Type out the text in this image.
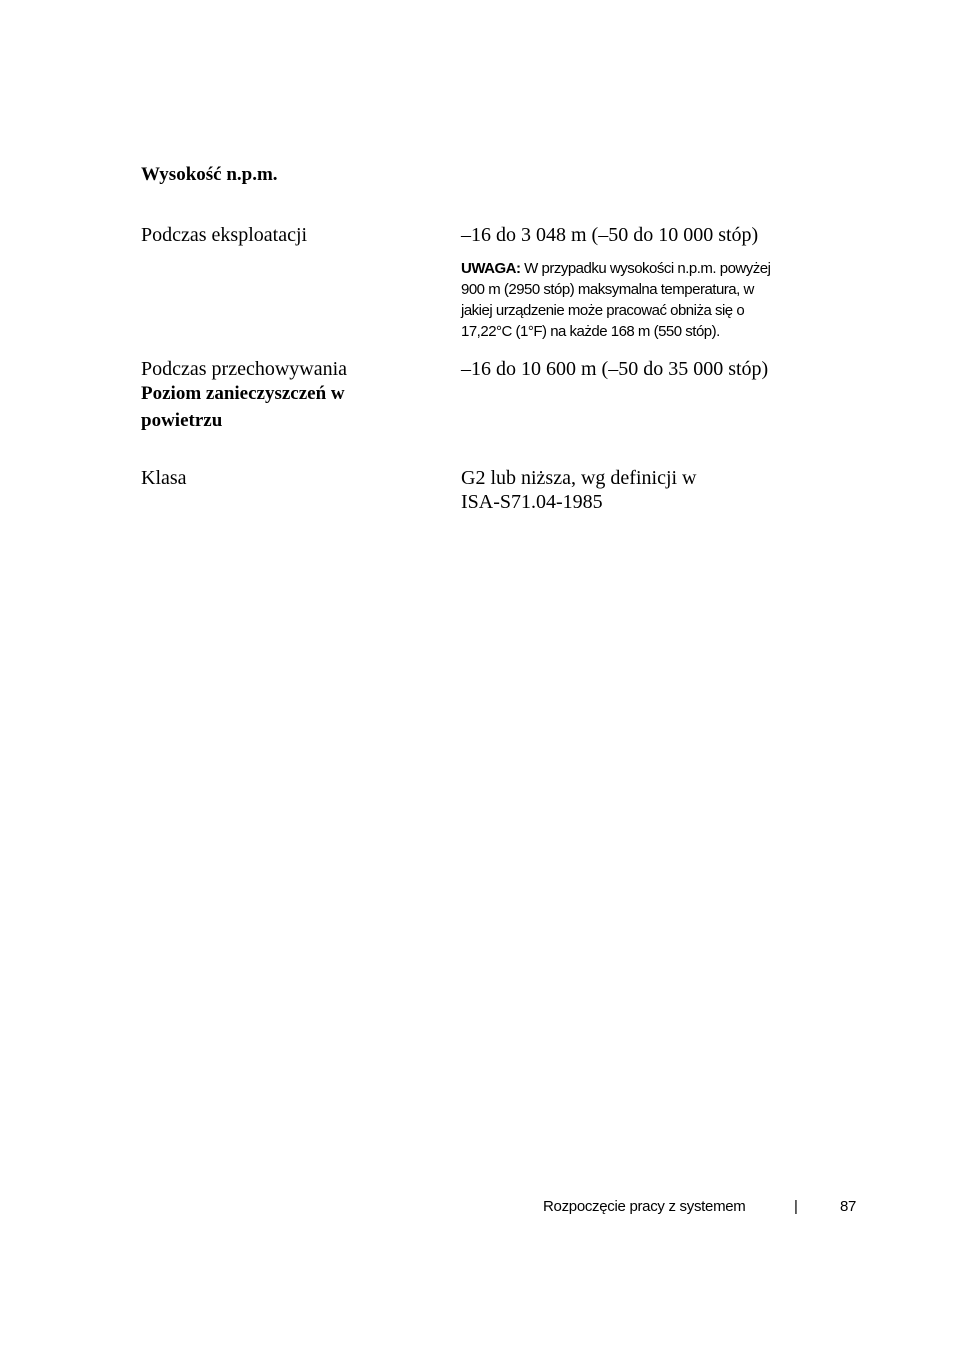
Wysokość n.p.m.
Podczas eksploatacji	–16 do 3 048 m (–50 do 10 000 stóp)
UWAGA: W przypadku wysokości n.p.m. powyżej
900 m (2950 stóp) maksymalna temperatura, w
jakiej urządzenie może pracować obniża się o
17,22°C (1°F) na każde 168 m (550 stóp).
Podczas przechowywania	–16 do 10 600 m (–50 do 35 000 stóp)
Poziom zanieczyszczeń w
powietrzu
Klasa	G2 lub niższa, wg definicji w
ISA-S71.04-1985
Rozpoczęcie pracy z systemem	|	87
